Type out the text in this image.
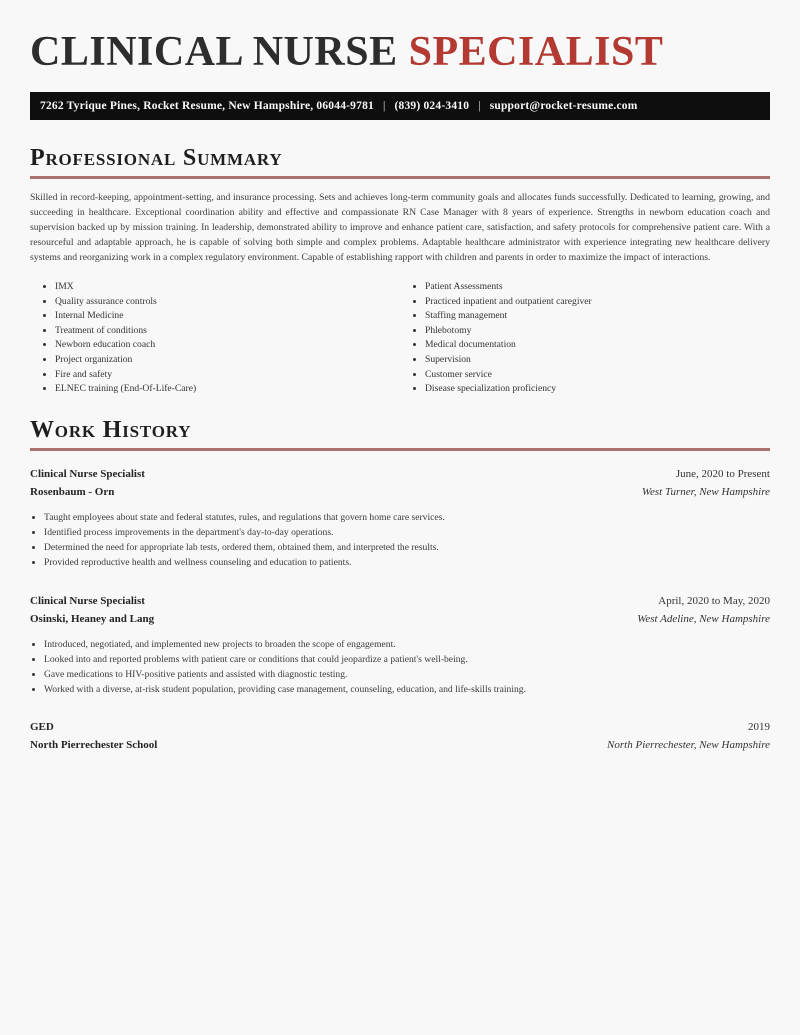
CLINICAL NURSE SPECIALIST
7262 Tyrique Pines, Rocket Resume, New Hampshire, 06044-9781 | (839) 024-3410 | support@rocket-resume.com
Professional Summary

Skilled in record-keeping, appointment-setting, and insurance processing. Sets and achieves long-term community goals and allocates funds successfully. Dedicated to learning, growing, and succeeding in healthcare. Exceptional coordination ability and effective and compassionate RN Case Manager with 8 years of experience. Strengths in newborn education coach and supervision backed up by mission training. In leadership, demonstrated ability to improve and enhance patient care, satisfaction, and safety protocols for comprehensive patient care. With a resourceful and adaptable approach, he is capable of solving both simple and complex problems. Adaptable healthcare administrator with experience integrating new healthcare delivery systems and reorganizing work in a complex regulatory environment. Capable of establishing rapport with children and parents in order to maximize the impact of interactions.

• IMX
• Quality assurance controls
• Internal Medicine
• Treatment of conditions
• Newborn education coach
• Project organization
• Fire and safety
• ELNEC training (End-Of-Life-Care)
• Patient Assessments
• Practiced inpatient and outpatient caregiver
• Staffing management
• Phlebotomy
• Medical documentation
• Supervision
• Customer service
• Disease specialization proficiency
Work History
Clinical Nurse Specialist	June, 2020 to Present
Rosenbaum - Orn	West Turner, New Hampshire
• Taught employees about state and federal statutes, rules, and regulations that govern home care services.
• Identified process improvements in the department's day-to-day operations.
• Determined the need for appropriate lab tests, ordered them, obtained them, and interpreted the results.
• Provided reproductive health and wellness counseling and education to patients.
Clinical Nurse Specialist	April, 2020 to May, 2020
Osinski, Heaney and Lang	West Adeline, New Hampshire
• Introduced, negotiated, and implemented new projects to broaden the scope of engagement.
• Looked into and reported problems with patient care or conditions that could jeopardize a patient's well-being.
• Gave medications to HIV-positive patients and assisted with diagnostic testing.
• Worked with a diverse, at-risk student population, providing case management, counseling, education, and life-skills training.
GED	2019
North Pierrechester School	North Pierrechester, New Hampshire
